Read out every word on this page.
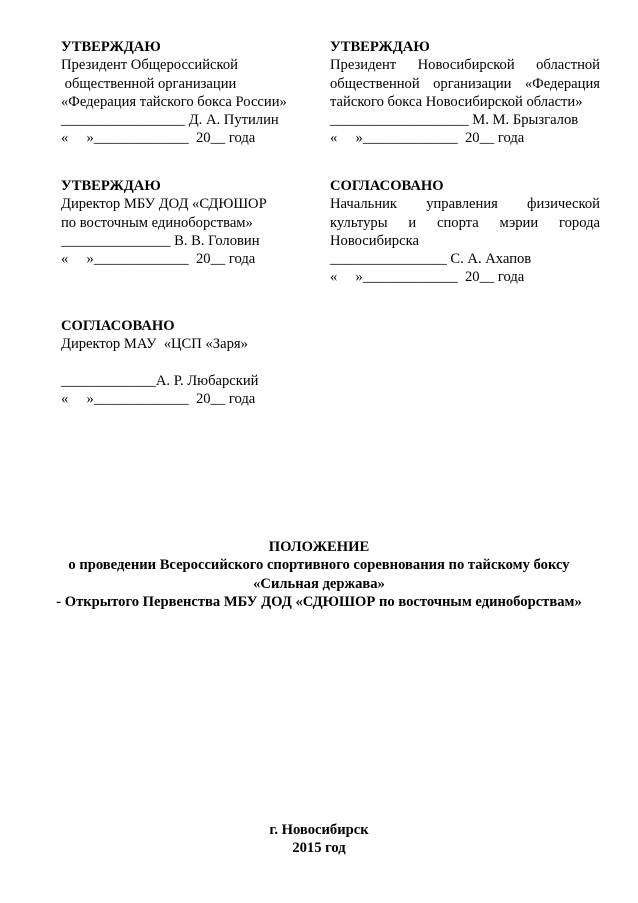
УТВЕРЖДАЮ
Президент Общероссийской
общественной организации
«Федерация тайского бокса России»
_________________ Д. А. Путилин
«     »_____________  20__ года
УТВЕРЖДАЮ
Президент Новосибирской областной
общественной организации «Федерация
тайского бокса Новосибирской области»
___________________ М. М. Брызгалов
«     »_____________  20__ года
УТВЕРЖДАЮ
Директор МБУ ДОД «СДЮШОР
по восточным единоборствам»
_______________ В. В. Головин
«     »_____________  20__ года
СОГЛАСОВАНО
Начальник управления физической
культуры и спорта мэрии города
Новосибирска
________________ С. А. Ахапов
«     »_____________  20__ года
СОГЛАСОВАНО
Директор МАУ  «ЦСП «Заря»
_____________А. Р. Любарский
«     »_____________  20__ года
ПОЛОЖЕНИЕ
о проведении Всероссийского спортивного соревнования по тайскому боксу
«Сильная держава»
- Открытого Первенства МБУ ДОД «СДЮШОР по восточным единоборствам»
г. Новосибирск
2015 год
